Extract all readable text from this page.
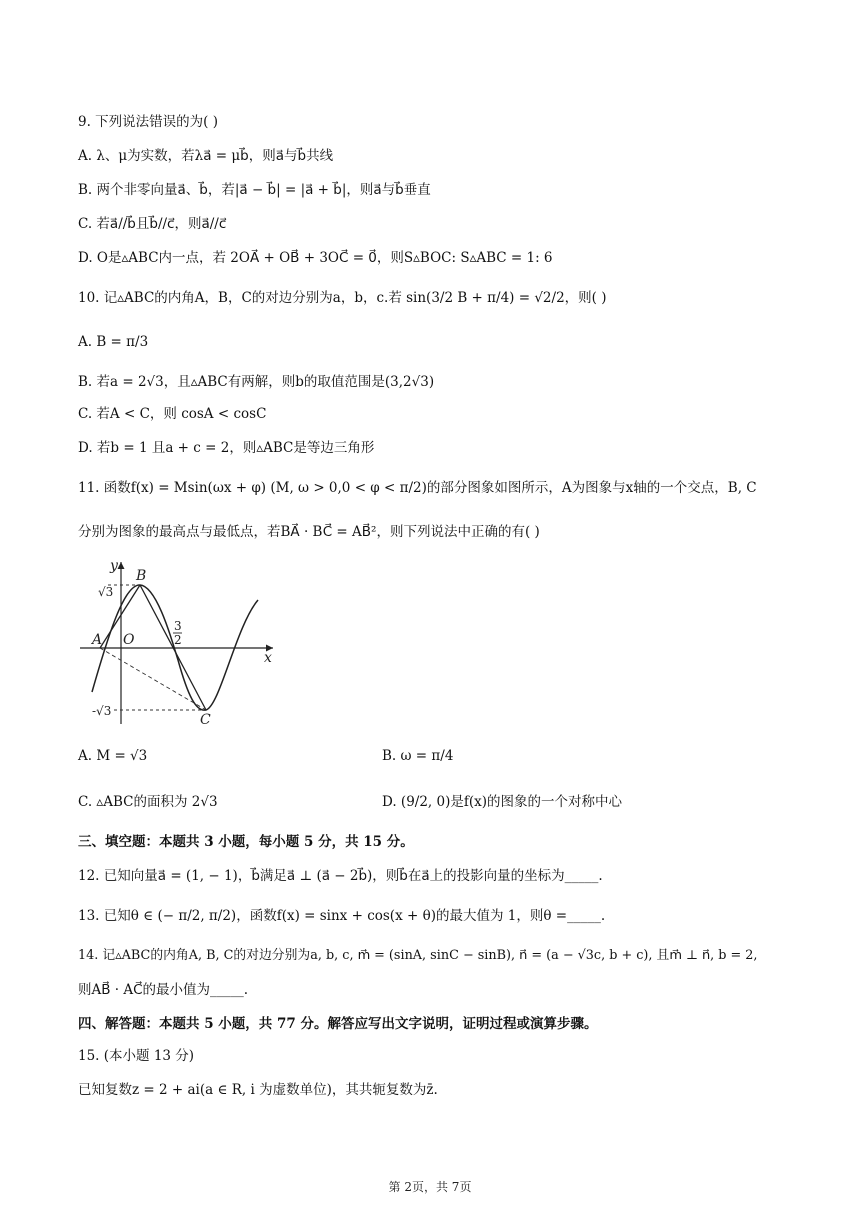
9. 下列说法错误的为( )
A. λ、μ为实数，若λa⃗ = μb⃗，则a⃗与b⃗共线
B. 两个非零向量a⃗、b⃗，若|a⃗ − b⃗| = |a⃗ + b⃗|，则a⃗与b⃗垂直
C. 若a⃗//b⃗且b⃗//c⃗，则a⃗//c⃗
D. O是▵ABC内一点，若 2OA⃗ + OB⃗ + 3OC⃗ = 0⃗，则S▵BOC: S▵ABC = 1: 6
10. 记▵ABC的内角A，B，C的对边分别为a，b，c.若 sin(3/2 B + π/4) = √2/2，则( )
A. B = π/3
B. 若a = 2√3，且▵ABC有两解，则b的取值范围是(3,2√3)
C. 若A < C，则 cosA < cosC
D. 若b = 1 且a + c = 2，则▵ABC是等边三角形
11. 函数f(x) = Msin(ωx + φ) (M, ω > 0,0 < φ < π/2)的部分图象如图所示，A为图象与x轴的一个交点，B, C
分别为图象的最高点与最低点，若BA⃗ · BC⃗ = AB⃗²，则下列说法中正确的有( )
y
x
B
A O
C
√3
-√3
3
2
A. M = √3	B. ω = π/4
C. ▵ABC的面积为 2√3	D. (9/2, 0)是f(x)的图象的一个对称中心
三、填空题：本题共 3 小题，每小题 5 分，共 15 分。
12. 已知向量a⃗ = (1, − 1)，b⃗满足a⃗ ⊥ (a⃗ − 2b⃗)，则b⃗在a⃗上的投影向量的坐标为_____.
13. 已知θ ∈ (− π/2, π/2)，函数f(x) = sinx + cos(x + θ)的最大值为 1，则θ =_____.
14. 记▵ABC的内角A, B, C的对边分别为a, b, c, m⃗ = (sinA, sinC − sinB), n⃗ = (a − √3c, b + c), 且m⃗ ⊥ n⃗, b = 2,
则AB⃗ · AC⃗的最小值为_____.
四、解答题：本题共 5 小题，共 77 分。解答应写出文字说明，证明过程或演算步骤。
15. (本小题 13 分)
已知复数z = 2 + ai(a ∈ R, i 为虚数单位)，其共轭复数为z̄.
第 2页，共 7页
